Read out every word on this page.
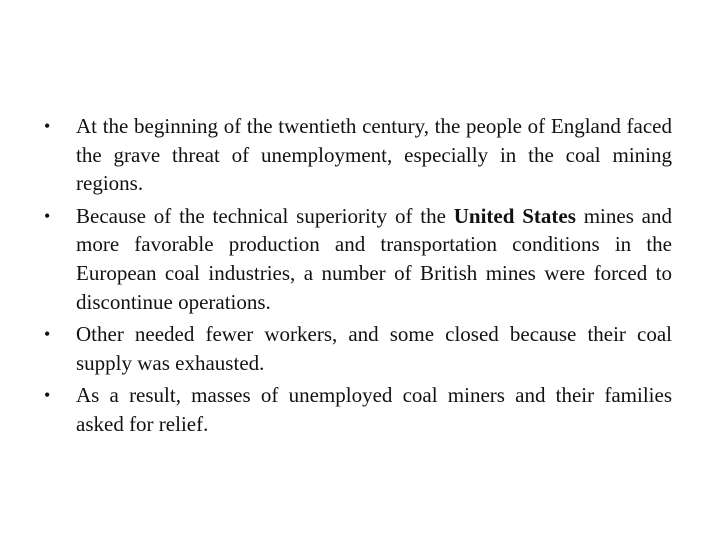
•	At the beginning of the twentieth century, the people of England faced the grave threat of unemployment, especially in the coal mining regions.
•	Because of the technical superiority of the United States mines and more favorable production and transportation conditions in the European coal industries, a number of British mines were forced to discontinue operations.
•	Other needed fewer workers, and some closed because their coal supply was exhausted.
•	As a result, masses of unemployed coal miners and their families asked for relief.
